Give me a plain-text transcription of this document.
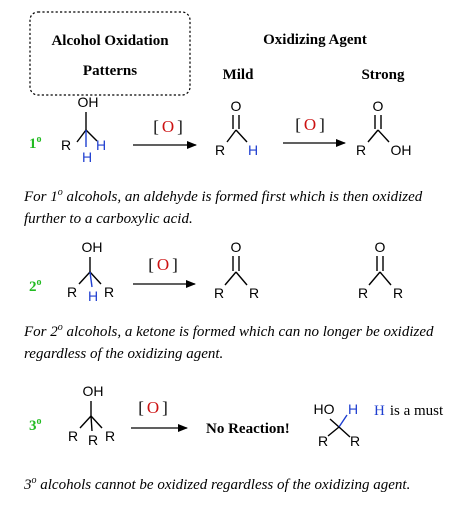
Alcohol Oxidation
Patterns
Oxidizing Agent
Mild	Strong
1$^o$
OH
R H
H
[ O ]
O
R H
[ O ]
O
R OH
2$^o$
OH
R H R
[ O ]
O
R R
O
R R
3$^o$
OH
R R R
[ O ]
No Reaction!
HO H
R R
H is a must
For 1$^o$ alcohols, an aldehyde is formed first which is then oxidized further to a carboxylic acid.
For 2$^o$ alcohols, a ketone is formed which can no longer be oxidized regardless of the oxidizing agent.
3$^o$ alcohols cannot be oxidized regardless of the oxidizing agent.
